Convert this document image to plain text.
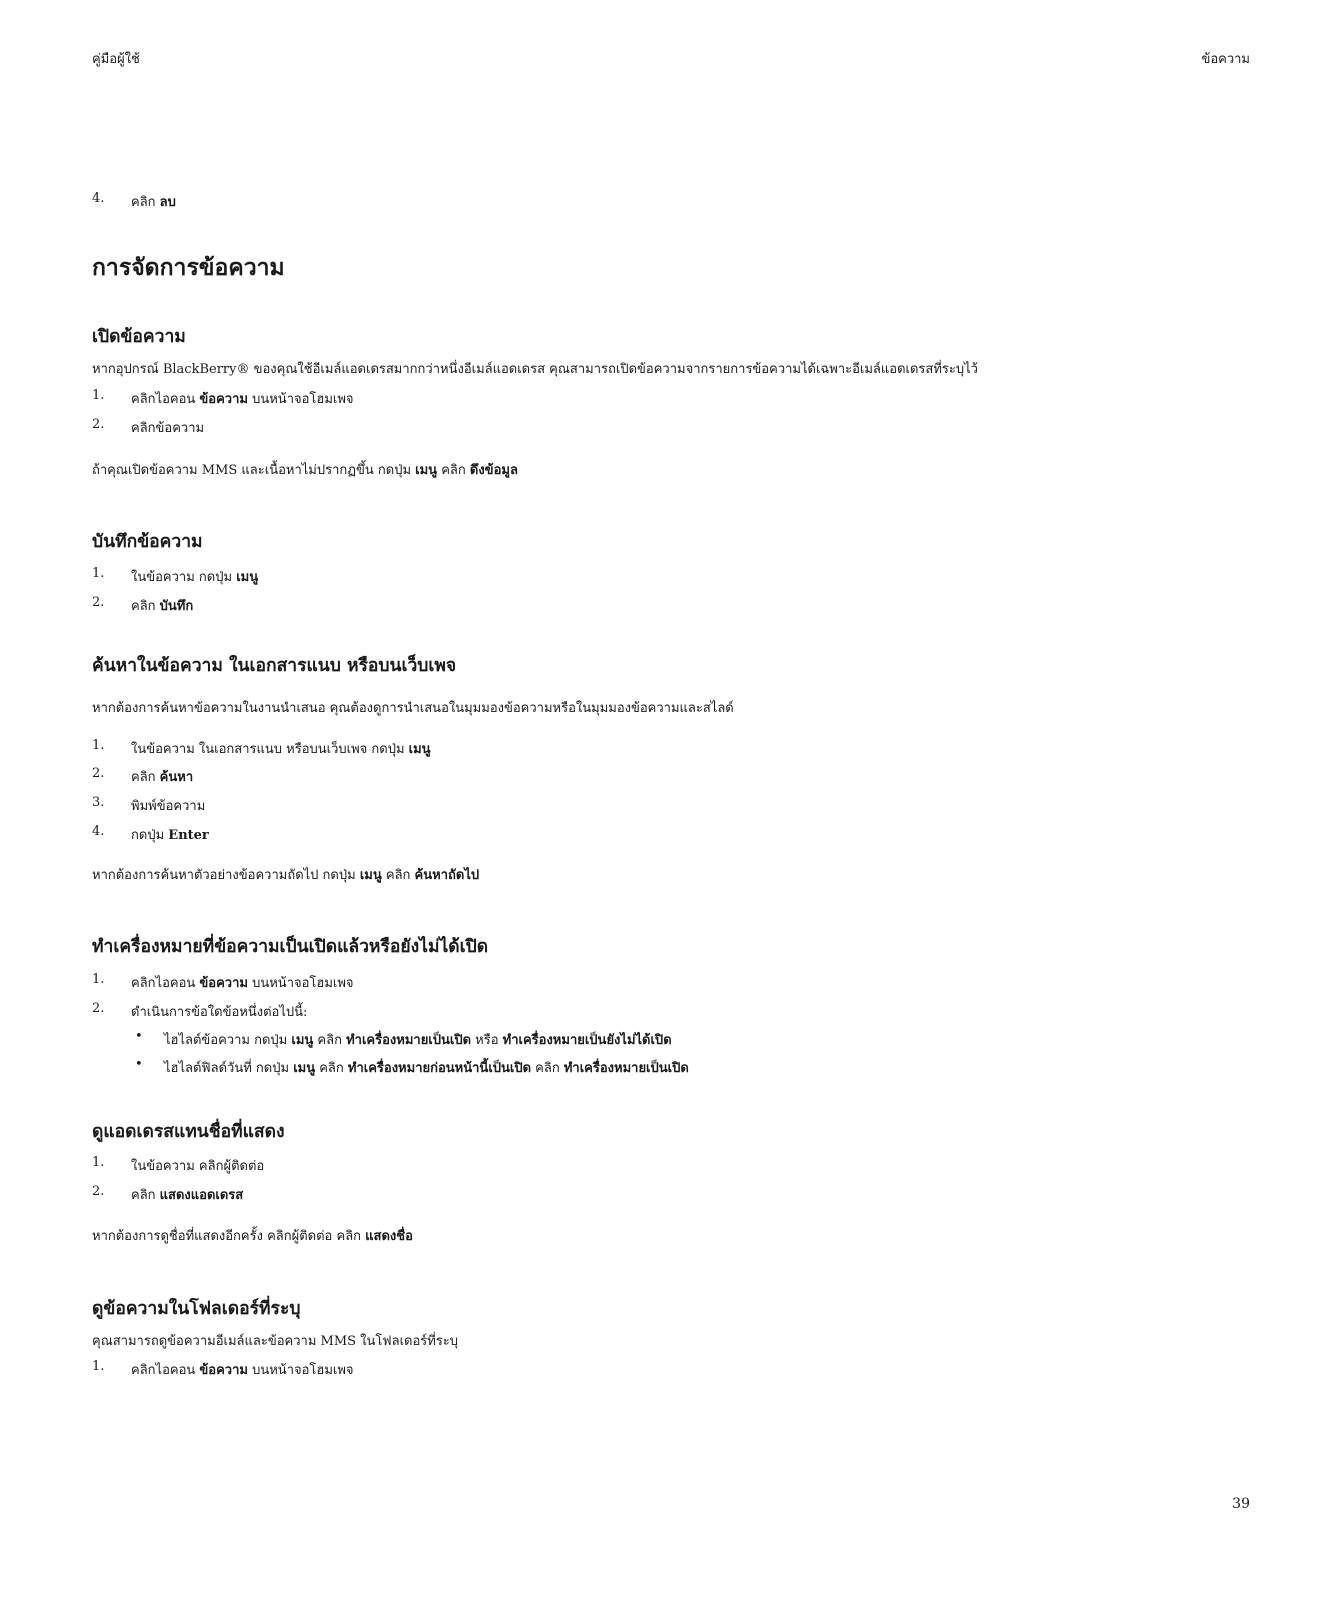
คู่มือผู้ใช้	ข้อความ
4.	คลิก ลบ
การจัดการข้อความ
เปิดข้อความ
หากอุปกรณ์ BlackBerry® ของคุณใช้อีเมล์แอดเดรสมากกว่าหนึ่งอีเมล์แอดเดรส คุณสามารถเปิดข้อความจากรายการข้อความได้เฉพาะอีเมล์แอดเดรสที่ระบุไว้
1.	คลิกไอคอน ข้อความ บนหน้าจอโฮมเพจ
2.	คลิกข้อความ
ถ้าคุณเปิดข้อความ MMS และเนื้อหาไม่ปรากฏขึ้น กดปุ่ม เมนู คลิก ดึงข้อมูล
บันทึกข้อความ
1.	ในข้อความ กดปุ่ม เมนู
2.	คลิก บันทึก
ค้นหาในข้อความ ในเอกสารแนบ หรือบนเว็บเพจ
หากต้องการค้นหาข้อความในงานนำเสนอ คุณต้องดูการนำเสนอในมุมมองข้อความหรือในมุมมองข้อความและสไลด์
1.	ในข้อความ ในเอกสารแนบ หรือบนเว็บเพจ กดปุ่ม เมนู
2.	คลิก ค้นหา
3.	พิมพ์ข้อความ
4.	กดปุ่ม Enter
หากต้องการค้นหาตัวอย่างข้อความถัดไป กดปุ่ม เมนู คลิก ค้นหาถัดไป
ทำเครื่องหมายที่ข้อความเป็นเปิดแล้วหรือยังไม่ได้เปิด
1.	คลิกไอคอน ข้อความ บนหน้าจอโฮมเพจ
2.	ดำเนินการข้อใดข้อหนึ่งต่อไปนี้:
• ไฮไลต์ข้อความ กดปุ่ม เมนู คลิก ทำเครื่องหมายเป็นเปิด หรือ ทำเครื่องหมายเป็นยังไม่ได้เปิด
• ไฮไลต์ฟิลด์วันที่ กดปุ่ม เมนู คลิก ทำเครื่องหมายก่อนหน้านี้เป็นเปิด คลิก ทำเครื่องหมายเป็นเปิด
ดูแอดเดรสแทนชื่อที่แสดง
1.	ในข้อความ คลิกผู้ติดต่อ
2.	คลิก แสดงแอดเดรส
หากต้องการดูชื่อที่แสดงอีกครั้ง คลิกผู้ติดต่อ คลิก แสดงชื่อ
ดูข้อความในโฟลเดอร์ที่ระบุ
คุณสามารถดูข้อความอีเมล์และข้อความ MMS ในโฟลเดอร์ที่ระบุ
1.	คลิกไอคอน ข้อความ บนหน้าจอโฮมเพจ
39
